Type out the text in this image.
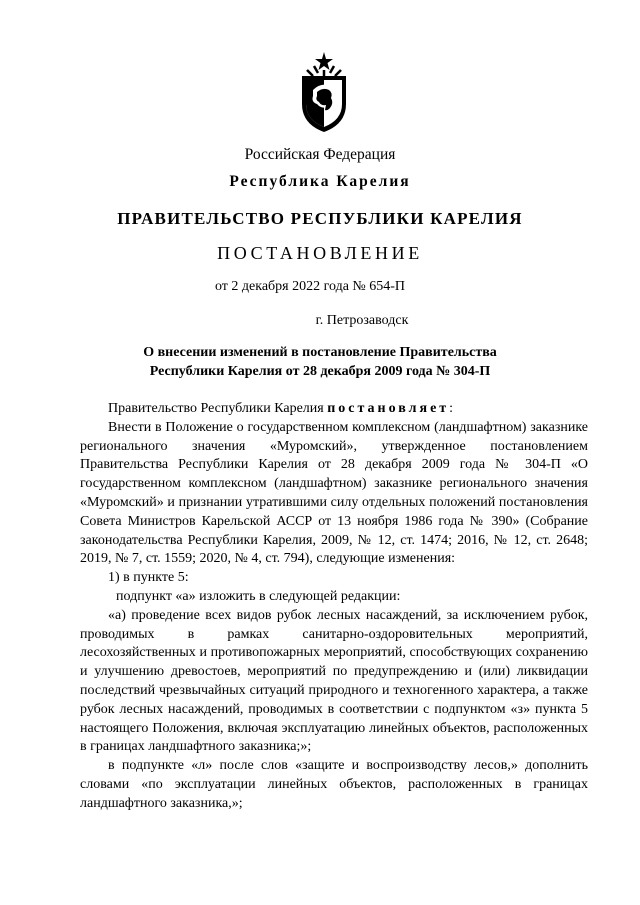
Российская Федерация
Республика Карелия
ПРАВИТЕЛЬСТВО РЕСПУБЛИКИ КАРЕЛИЯ
ПОСТАНОВЛЕНИЕ
от 2 декабря 2022 года № 654-П
г. Петрозаводск
О внесении изменений в постановление Правительства
Республики Карелия от 28 декабря 2009 года № 304-П

Правительство Республики Карелия постановляет:

Внести в Положение о государственном комплексном (ландшафтном) заказнике регионального значения «Муромский», утвержденное постановлением Правительства Республики Карелия от 28 декабря 2009 года № 304-П «О государственном комплексном (ландшафтном) заказнике регионального значения «Муромский» и признании утратившими силу отдельных положений постановления Совета Министров Карельской АССР от 13 ноября 1986 года № 390» (Собрание законодательства Республики Карелия, 2009, № 12, ст. 1474; 2016, № 12, ст. 2648; 2019, № 7, ст. 1559; 2020, № 4, ст. 794), следующие изменения:

1) в пункте 5:

подпункт «а» изложить в следующей редакции:

«а) проведение всех видов рубок лесных насаждений, за исключением рубок, проводимых в рамках санитарно-оздоровительных мероприятий, лесохозяйственных и противопожарных мероприятий, способствующих сохранению и улучшению древостоев, мероприятий по предупреждению и (или) ликвидации последствий чрезвычайных ситуаций природного и техногенного характера, а также рубок лесных насаждений, проводимых в соответствии с подпунктом «з» пункта 5 настоящего Положения, включая эксплуатацию линейных объектов, расположенных в границах ландшафтного заказника;»;

в подпункте «л» после слов «защите и воспроизводству лесов,» дополнить словами «по эксплуатации линейных объектов, расположенных в границах ландшафтного заказника,»;
